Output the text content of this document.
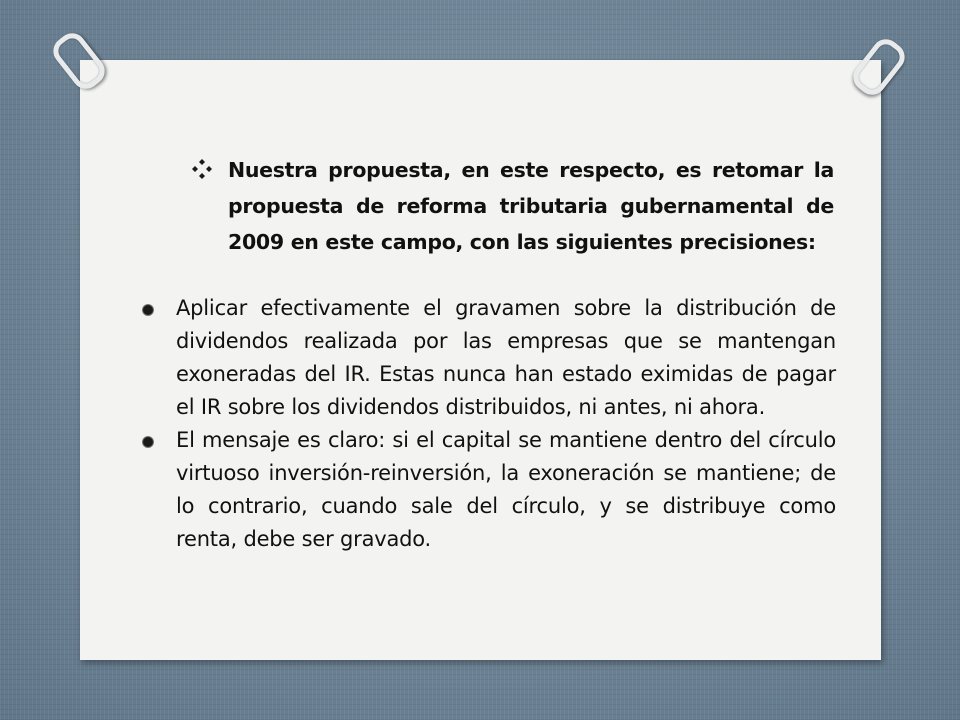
Nuestra propuesta, en este respecto, es retomar la propuesta de reforma tributaria gubernamental de 2009 en este campo, con las siguientes precisiones:

Aplicar efectivamente el gravamen sobre la distribución de dividendos realizada por las empresas que se mantengan exoneradas del IR. Estas nunca han estado eximidas de pagar el IR sobre los dividendos distribuidos, ni antes, ni ahora.

El mensaje es claro: si el capital se mantiene dentro del círculo virtuoso inversión-reinversión, la exoneración se mantiene; de lo contrario, cuando sale del círculo, y se distribuye como renta, debe ser gravado.
